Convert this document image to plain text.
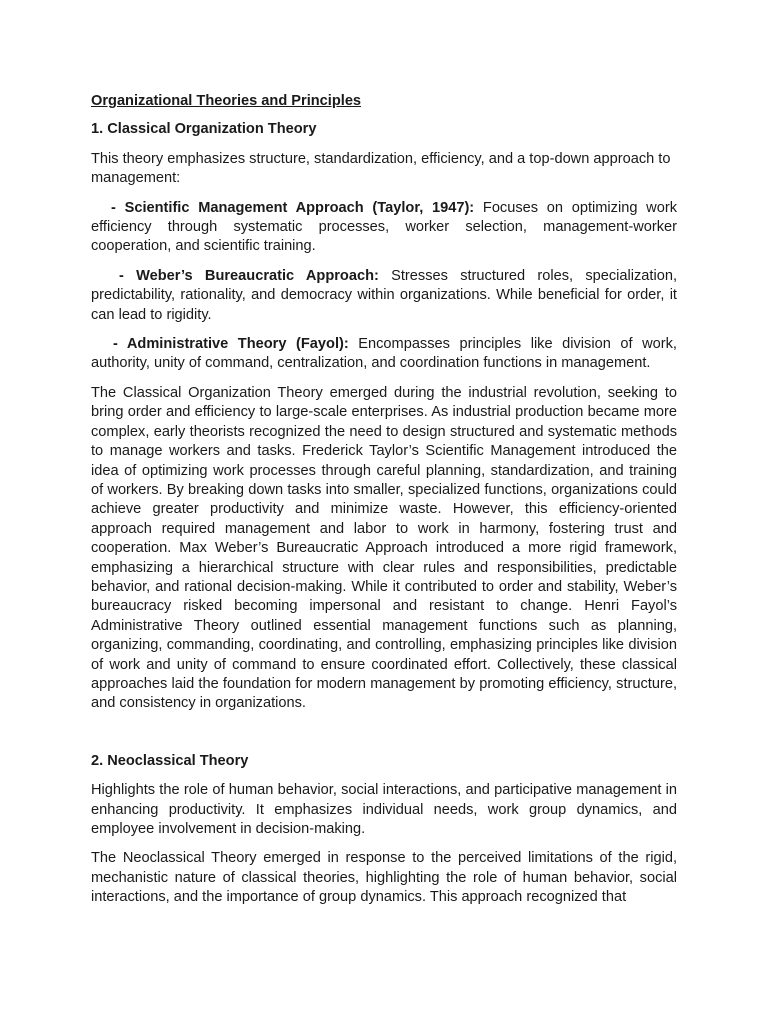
Organizational Theories and Principles
1. Classical Organization Theory

This theory emphasizes structure, standardization, efficiency, and a top-down approach to management:

- Scientific Management Approach (Taylor, 1947): Focuses on optimizing work efficiency through systematic processes, worker selection, management-worker cooperation, and scientific training.

- Weber’s Bureaucratic Approach: Stresses structured roles, specialization, predictability, rationality, and democracy within organizations. While beneficial for order, it can lead to rigidity.

- Administrative Theory (Fayol): Encompasses principles like division of work, authority, unity of command, centralization, and coordination functions in management.

The Classical Organization Theory emerged during the industrial revolution, seeking to bring order and efficiency to large-scale enterprises. As industrial production became more complex, early theorists recognized the need to design structured and systematic methods to manage workers and tasks. Frederick Taylor’s Scientific Management introduced the idea of optimizing work processes through careful planning, standardization, and training of workers. By breaking down tasks into smaller, specialized functions, organizations could achieve greater productivity and minimize waste. However, this efficiency-oriented approach required management and labor to work in harmony, fostering trust and cooperation. Max Weber’s Bureaucratic Approach introduced a more rigid framework, emphasizing a hierarchical structure with clear rules and responsibilities, predictable behavior, and rational decision-making. While it contributed to order and stability, Weber’s bureaucracy risked becoming impersonal and resistant to change. Henri Fayol’s Administrative Theory outlined essential management functions such as planning, organizing, commanding, coordinating, and controlling, emphasizing principles like division of work and unity of command to ensure coordinated effort. Collectively, these classical approaches laid the foundation for modern management by promoting efficiency, structure, and consistency in organizations.

2. Neoclassical Theory

Highlights the role of human behavior, social interactions, and participative management in enhancing productivity. It emphasizes individual needs, work group dynamics, and employee involvement in decision-making.

The Neoclassical Theory emerged in response to the perceived limitations of the rigid, mechanistic nature of classical theories, highlighting the role of human behavior, social interactions, and the importance of group dynamics. This approach recognized that
